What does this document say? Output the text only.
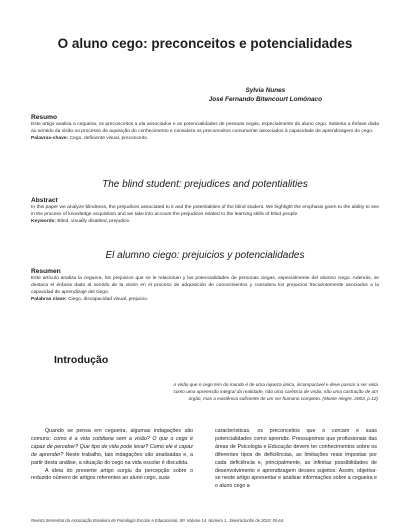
O aluno cego: preconceitos e potencialidades
Sylvia Nunes
José Fernando Bitencourt Lomônaco
Resumo
Este artigo analisa a cegueira, os preconceitos a ela associados e as potencialidades de pessoas cegas, especialmente do aluno cego. Salienta a ênfase dada ao sentido da visão no processo de aquisição do conhecimento e considera os preconceitos comumente associados à capacidade de aprendizagem do cego.
Palavras-chave: Cego, deficiente visual, preconceito.
The blind student: prejudices and potentialities
Abstract
In this paper we analyze blindness, the prejudices associated to it and the potentialities of the blind student. We highlight the emphasis given to the ability to see in the process of knowledge acquisition and we take into account the prejudices related to the learning skills of blind people.
Keywords: Blind, visually disabled, prejudice.
El alumno ciego: prejuicios y potencialidades
Resumen
Este artículo analiza la ceguera, los prejuicios que se le relacionan y las potencialidades de personas ciegas, especialmente del alumno ciego. Además, se destaca el énfasis dado al sentido de la visión en el proceso de adquisición de conocimientos y considera los prejuicios frecuentemente asociados a la capacidad de aprendizaje del ciego.
Palabras clave: Ciego, discapacidad visual, prejuicio.
Introdução
A visão que o cego tem do mundo é de uma riqueza única, incomparável e deve passar a ser vista como uma apreensão integral da realidade, não uma carência de visão, não uma castração de um órgão, mas a existência suficiente de um ser humano completo. (Monte Alegre, 2003, p.12)

Quando se pensa em cegueira, algumas indagações são comuns: como é a vida cotidiana sem a visão? O que o cego é capaz de perceber? Que tipo de vida pode levar? Como ele é capaz de aprender? Neste trabalho, tais indagações são analisadas e, a partir desta análise, a situação do cego na vida escolar é discutida.

A ideia do presente artigo surgiu da percepção sobre o reduzido número de artigos referentes ao aluno cego, suas

características, os preconceitos que o cercam e suas potencialidades como aprendiz. Pressupomos que profissionais das áreas de Psicologia e Educação devem ter conhecimentos sobre os diferentes tipos de deficiências, as limitações reais impostas por cada deficiência e, principalmente, as infinitas possibilidades de desenvolvimento e aprendizagem desses sujeitos. Assim, objetiva-se neste artigo apresentar e analisar informações sobre a cegueira e o aluno cego a

Revista Semestral da Associação Brasileira de Psicologia Escolar e Educacional, SP. Volume 14, Número 1, Janeiro/Junho de 2010: 55-64.
